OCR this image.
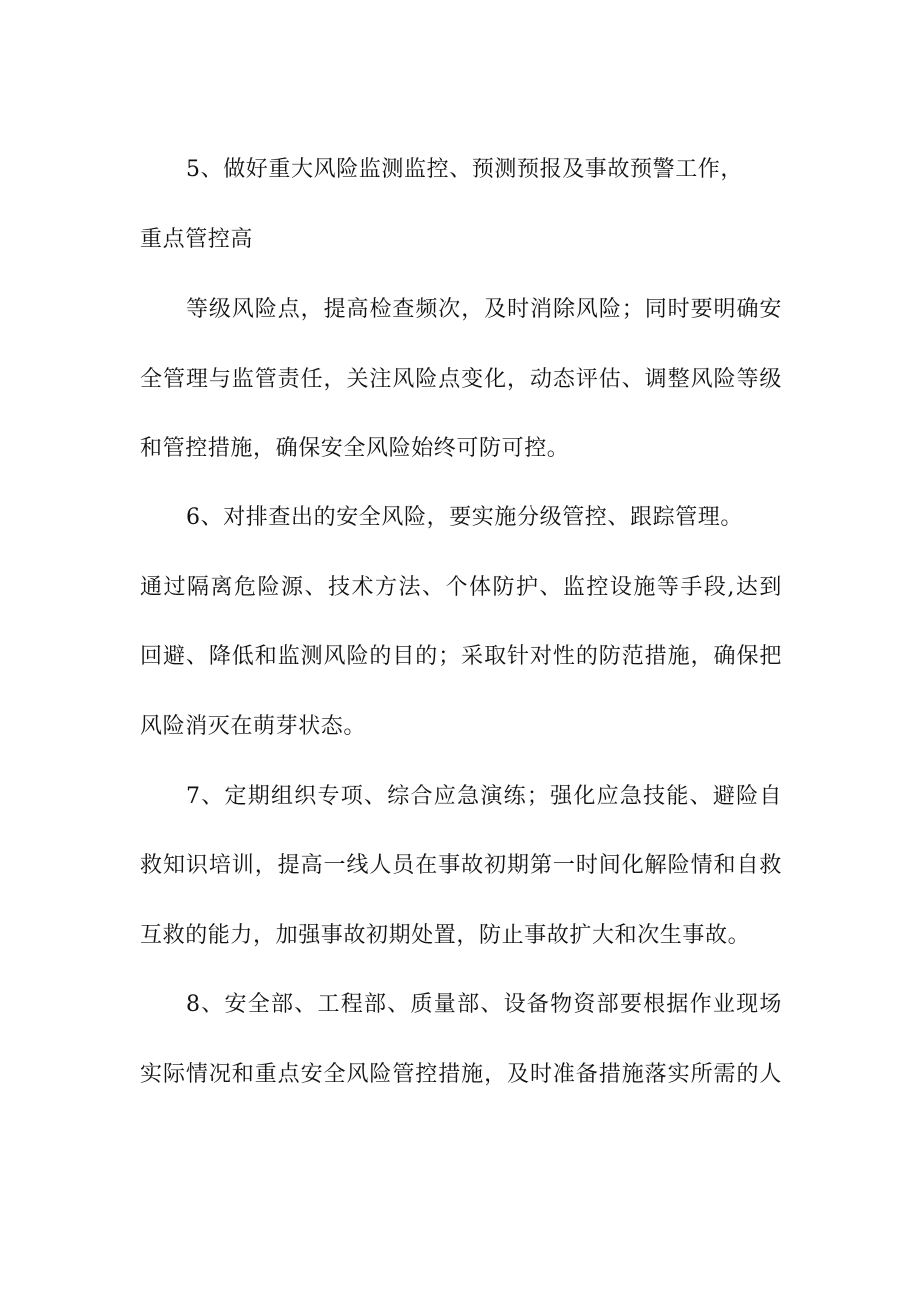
5、做好重大风险监测监控、预测预报及事故预警工作，
重点管控高
等级风险点，提高检查频次，及时消除风险；同时要明确安
全管理与监管责任，关注风险点变化，动态评估、调整风险等级
和管控措施，确保安全风险始终可防可控。
6、对排查出的安全风险，要实施分级管控、跟踪管理。
通过隔离危险源、技术方法、个体防护、监控设施等手段,达到
回避、降低和监测风险的目的；采取针对性的防范措施，确保把
风险消灭在萌芽状态。
7、定期组织专项、综合应急演练；强化应急技能、避险自
救知识培训，提高一线人员在事故初期第一时间化解险情和自救
互救的能力，加强事故初期处置，防止事故扩大和次生事故。
8、安全部、工程部、质量部、设备物资部要根据作业现场
实际情况和重点安全风险管控措施，及时准备措施落实所需的人
